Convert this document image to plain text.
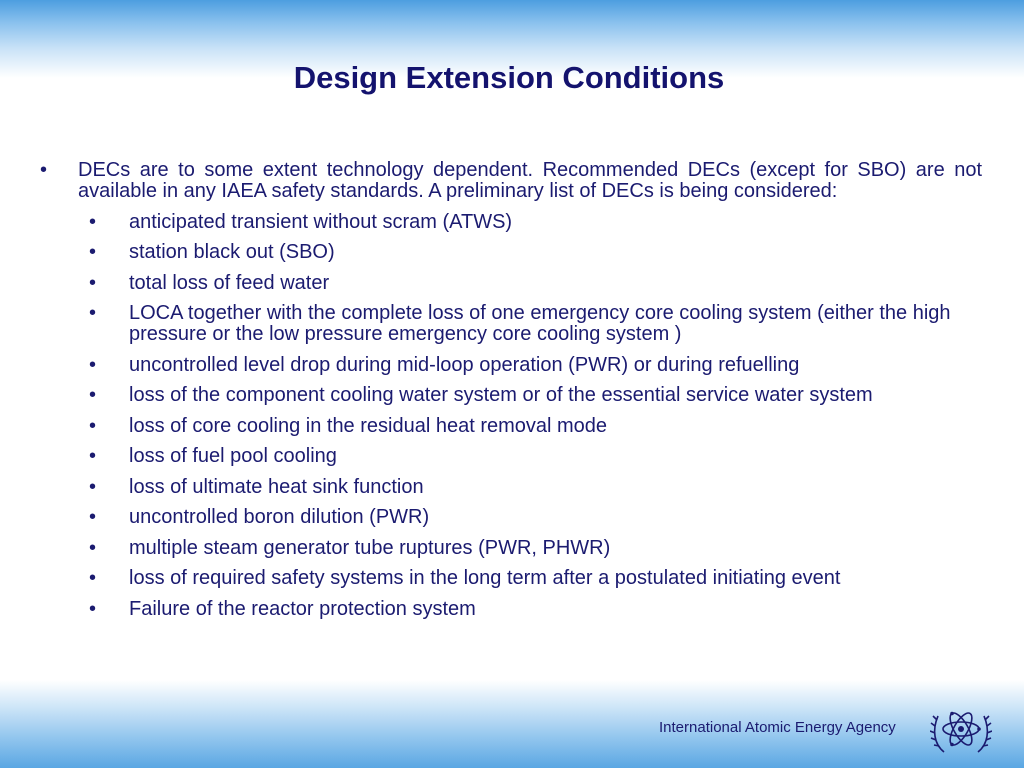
Design Extension Conditions
• DECs are to some extent technology dependent. Recommended DECs (except for SBO) are not available in any IAEA safety standards. A preliminary list of DECs is being considered:
• anticipated transient without scram (ATWS)
• station black out (SBO)
• total loss of feed water
• LOCA together with the complete loss of one emergency core cooling system (either the high pressure or the low pressure emergency core cooling system )
• uncontrolled level drop during mid-loop operation (PWR) or during refuelling
• loss of the component cooling water system or of the essential service water system
• loss of core cooling in the residual heat removal mode
• loss of fuel pool cooling
• loss of ultimate heat sink function
• uncontrolled boron dilution (PWR)
• multiple steam generator tube ruptures (PWR, PHWR)
• loss of required safety systems in the long term after a postulated initiating event
• Failure of the reactor protection system
International Atomic Energy Agency
